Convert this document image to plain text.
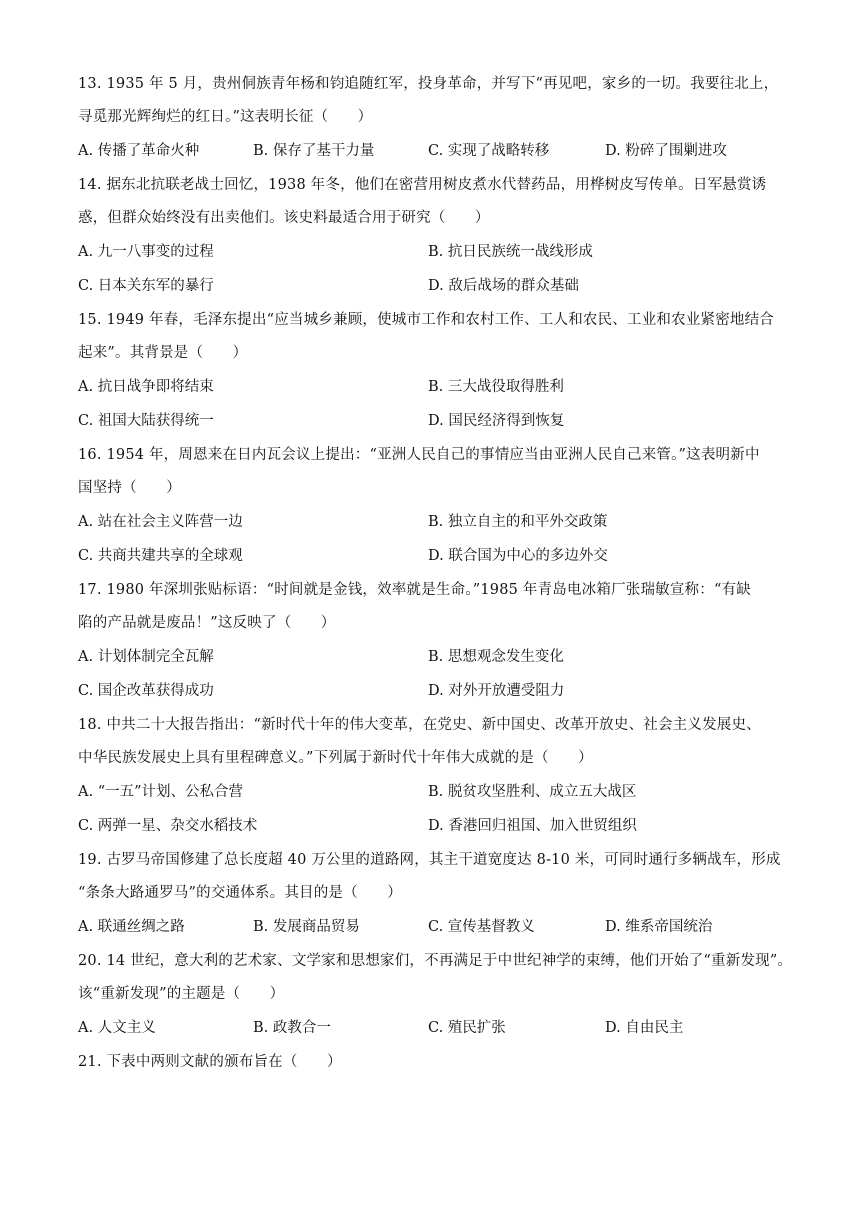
13. 1935 年 5 月，贵州侗族青年杨和钧追随红军，投身革命，并写下“再见吧，家乡的一切。我要往北上，
寻觅那光辉绚烂的红日。”这表明长征（　　）
A. 传播了革命火种	B. 保存了基干力量	C. 实现了战略转移	D. 粉碎了围剿进攻
14. 据东北抗联老战士回忆，1938 年冬，他们在密营用树皮煮水代替药品，用桦树皮写传单。日军悬赏诱
惑，但群众始终没有出卖他们。该史料最适合用于研究（　　）
A. 九一八事变的过程	B. 抗日民族统一战线形成
C. 日本关东军的暴行	D. 敌后战场的群众基础
15. 1949 年春，毛泽东提出“应当城乡兼顾，使城市工作和农村工作、工人和农民、工业和农业紧密地结合
起来”。其背景是（　　）
A. 抗日战争即将结束	B. 三大战役取得胜利
C. 祖国大陆获得统一	D. 国民经济得到恢复
16. 1954 年，周恩来在日内瓦会议上提出：“亚洲人民自己的事情应当由亚洲人民自己来管。”这表明新中
国坚持（　　）
A. 站在社会主义阵营一边	B. 独立自主的和平外交政策
C. 共商共建共享的全球观	D. 联合国为中心的多边外交
17. 1980 年深圳张贴标语：“时间就是金钱，效率就是生命。”1985 年青岛电冰箱厂张瑞敏宣称：“有缺
陷的产品就是废品！”这反映了（　　）
A. 计划体制完全瓦解	B. 思想观念发生变化
C. 国企改革获得成功	D. 对外开放遭受阻力
18. 中共二十大报告指出：“新时代十年的伟大变革，在党史、新中国史、改革开放史、社会主义发展史、
中华民族发展史上具有里程碑意义。”下列属于新时代十年伟大成就的是（　　）
A. “一五”计划、公私合营	B. 脱贫攻坚胜利、成立五大战区
C. 两弹一星、杂交水稻技术	D. 香港回归祖国、加入世贸组织
19. 古罗马帝国修建了总长度超 40 万公里的道路网，其主干道宽度达 8-10 米，可同时通行多辆战车，形成
“条条大路通罗马”的交通体系。其目的是（　　）
A. 联通丝绸之路	B. 发展商品贸易	C. 宣传基督教义	D. 维系帝国统治
20. 14 世纪，意大利的艺术家、文学家和思想家们，不再满足于中世纪神学的束缚，他们开始了“重新发现”。
该“重新发现”的主题是（　　）
A. 人文主义	B. 政教合一	C. 殖民扩张	D. 自由民主
21. 下表中两则文献的颁布旨在（　　）
